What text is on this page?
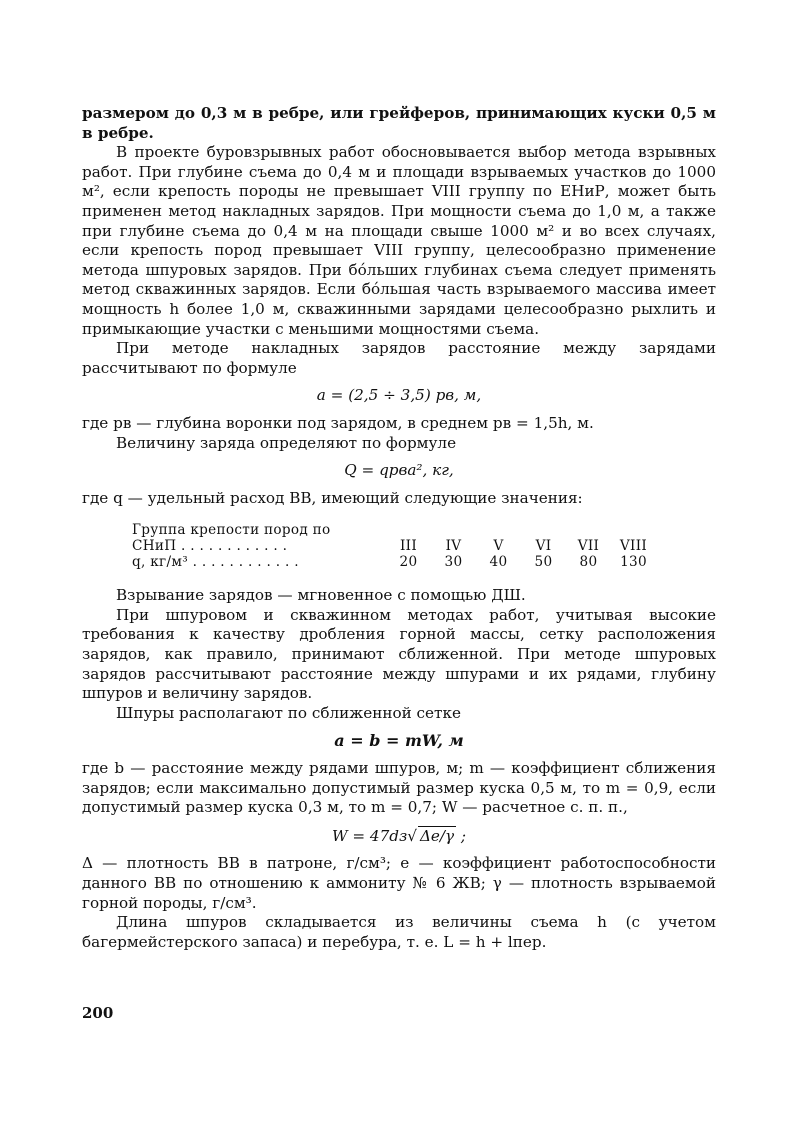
размером до 0,3 м в ребре, или грейферов, принимающих куски 0,5 м в ребре.

В проекте буровзрывных работ обосновывается выбор метода взрывных работ. При глубине съема до 0,4 м и площади взрываемых участков до 1000 м², если крепость породы не превышает VIII группу по ЕНиР, может быть применен метод накладных зарядов. При мощности съема до 1,0 м, а также при глубине съема до 0,4 м на площади свыше 1000 м² и во всех случаях, если крепость пород превышает VIII группу, целесообразно применение метода шпуровых зарядов. При бóльших глубинах съема следует применять метод скважинных зарядов. Если бóльшая часть взрываемого массива имеет мощность h более 1,0 м, скважинными зарядами целесообразно рыхлить и примыкающие участки с меньшими мощностями съема.

При методе накладных зарядов расстояние между зарядами рассчитывают по формуле

a = (2,5 ÷ 3,5) pв, м,

где pв — глубина воронки под зарядом, в среднем pв = 1,5h, м.

Величину заряда определяют по формуле

Q = qpвa², кг,

где q — удельный расход ВВ, имеющий следующие значения:

Группа крепости пород по
СНиП . . . . . . . . . . . .	III	IV	V	VI	VII	VIII
q, кг/м³ . . . . . . . . . . . .	20	30	40	50	80	130

Взрывание зарядов — мгновенное с помощью ДШ.

При шпуровом и скважинном методах работ, учитывая высокие требования к качеству дробления горной массы, сетку расположения зарядов, как правило, принимают сближенной. При методе шпуровых зарядов рассчитывают расстояние между шпурами и их рядами, глубину шпуров и величину зарядов.

Шпуры располагают по сближенной сетке

a = b = mW, м

где b — расстояние между рядами шпуров, м; m — коэффициент сближения зарядов; если максимально допустимый размер куска 0,5 м, то m = 0,9, если допустимый размер куска 0,3 м, то m = 0,7; W — расчетное с. п. п.,

W = 47dз√ Δe/γ ;

Δ — плотность ВВ в патроне, г/см³; e — коэффициент работоспособности данного ВВ по отношению к аммониту № 6 ЖВ; γ — плотность взрываемой горной породы, г/см³.

Длина шпуров складывается из величины съема h (с учетом багермейстерского запаса) и перебура, т. е. L = h + lпер.

200
